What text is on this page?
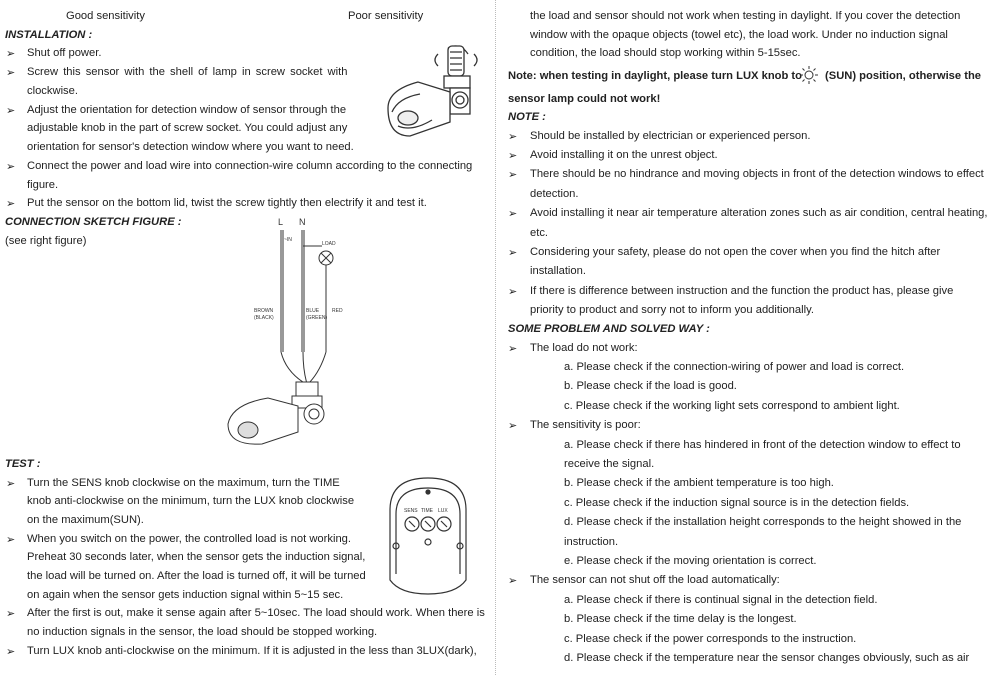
Good sensitivity	Poor sensitivity
INSTALLATION :
➢ Shut off power.
➢ Screw this sensor with the shell of lamp in screw socket with
clockwise.
➢ Adjust the orientation for detection window of sensor through the
adjustable knob in the part of screw socket. You could adjust any
orientation for sensor's detection window where you want to need.
➢ Connect the power and load wire into connection-wire column according to the connecting
figure.
➢ Put the sensor on the bottom lid, twist the screw tightly then electrify it and test it.
CONNECTION SKETCH FIGURE :
(see right figure)
L N
~IN
LOAD
BROWN
(BLACK)
BLUE
(GREEN)
RED
TEST :
➢ Turn the SENS knob clockwise on the maximum, turn the TIME
knob anti-clockwise on the minimum, turn the LUX knob clockwise
on the maximum(SUN).
➢ When you switch on the power, the controlled load is not working.
Preheat 30 seconds later, when the sensor gets the induction signal,
the load will be turned on. After the load is turned off, it will be turned
on again when the sensor gets induction signal within 5~15 sec.
➢ After the first is out, make it sense again after 5~10sec. The load should work. When there is
no induction signals in the sensor, the load should be stopped working.
➢ Turn LUX knob anti-clockwise on the minimum. If it is adjusted in the less than 3LUX(dark),
SENS TIME LUX
the load and sensor should not work when testing in daylight. If you cover the detection
window with the opaque objects (towel etc), the load work. Under no induction signal
condition, the load should stop working within 5-15sec.
Note: when testing in daylight, please turn LUX knob to (SUN) position, otherwise the
sensor lamp could not work!
NOTE :
➢ Should be installed by electrician or experienced person.
➢ Avoid installing it on the unrest object.
➢ There should be no hindrance and moving objects in front of the detection windows to effect
detection.
➢ Avoid installing it near air temperature alteration zones such as air condition, central heating,
etc.
➢ Considering your safety, please do not open the cover when you find the hitch after
installation.
➢ If there is difference between instruction and the function the product has, please give
priority to product and sorry not to inform you additionally.
SOME PROBLEM AND SOLVED WAY :
➢ The load do not work:
a. Please check if the connection-wiring of power and load is correct.
b. Please check if the load is good.
c. Please check if the working light sets correspond to ambient light.
➢ The sensitivity is poor:
a. Please check if there has hindered in front of the detection window to effect to
receive the signal.
b. Please check if the ambient temperature is too high.
c. Please check if the induction signal source is in the detection fields.
d. Please check if the installation height corresponds to the height showed in the
instruction.
e. Please check if the moving orientation is correct.
➢ The sensor can not shut off the load automatically:
a. Please check if there is continual signal in the detection field.
b. Please check if the time delay is the longest.
c. Please check if the power corresponds to the instruction.
d. Please check if the temperature near the sensor changes obviously, such as air
